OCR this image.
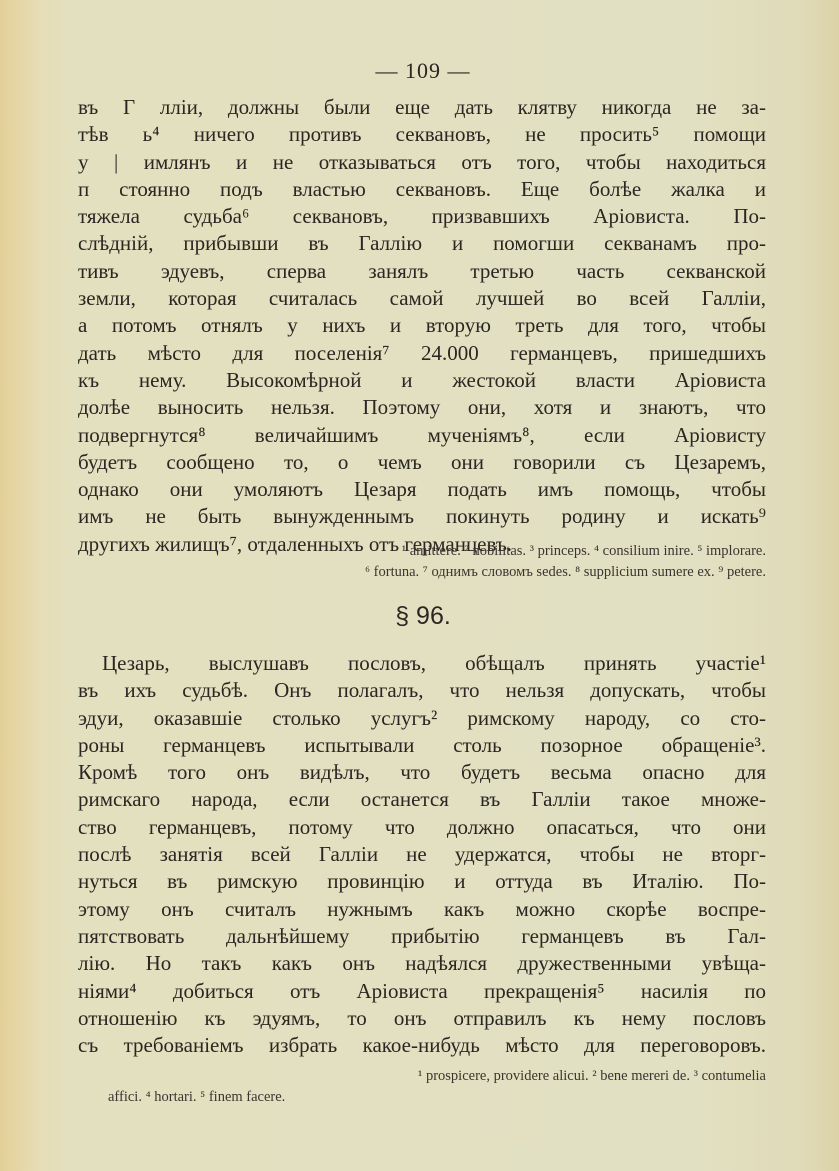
— 109 —
въ Г лліи, должны были еще дать клятву никогда не за-
тѣв ь⁴ ничего противъ секвановъ, не просить⁵ помощи
у | имлянъ и не отказываться отъ того, чтобы находиться
п стоянно подъ властью секвановъ. Еще болѣе жалка и
тяжела судьба⁶ секвановъ, призвавшихъ Аріовиста. По-
слѣдній, прибывши въ Галлію и помогши секванамъ про-
тивъ эдуевъ, сперва занялъ третью часть секванской
земли, которая считалась самой лучшей во всей Галліи,
а потомъ отнялъ у нихъ и вторую треть для того, чтобы
дать мѣсто для поселенія⁷ 24.000 германцевъ, пришедшихъ
къ нему. Высокомѣрной и жестокой власти Аріовиста
долѣе выносить нельзя. Поэтому они, хотя и знаютъ, что
подвергнутся⁸ величайшимъ мученіямъ⁸, если Аріовисту
будетъ сообщено то, о чемъ они говорили съ Цезаремъ,
однако они умоляютъ Цезаря подать имъ помощь, чтобы
имъ не быть вынужденнымъ покинуть родину и искать⁹
другихъ жилищъ⁷, отдаленныхъ отъ германцевъ.
¹ amittere. ² nobilitas. ³ princeps. ⁴ consilium inire. ⁵ implorare.
⁶ fortuna. ⁷ однимъ словомъ sedes. ⁸ supplicium sumere ex. ⁹ petere.
§ 96.
Цезарь, выслушавъ пословъ, обѣщалъ принять участіе¹
въ ихъ судьбѣ. Онъ полагалъ, что нельзя допускать, чтобы
эдуи, оказавшіе столько услугъ² римскому народу, со сто-
роны германцевъ испытывали столь позорное обращеніе³.
Кромѣ того онъ видѣлъ, что будетъ весьма опасно для
римскаго народа, если останется въ Галліи такое множе-
ство германцевъ, потому что должно опасаться, что они
послѣ занятія всей Галліи не удержатся, чтобы не вторг-
нуться въ римскую провинцію и оттуда въ Италію. По-
этому онъ считалъ нужнымъ какъ можно скорѣе воспре-
пятствовать дальнѣйшему прибытію германцевъ въ Гал-
лію. Но такъ какъ онъ надѣялся дружественными увѣща-
ніями⁴ добиться отъ Аріовиста прекращенія⁵ насилія по
отношенію къ эдуямъ, то онъ отправилъ къ нему пословъ
съ требованіемъ избрать какое-нибудь мѣсто для переговоровъ.
¹ prospicere, providere alicui. ² bene mereri de. ³ contumelia
affici. ⁴ hortari. ⁵ finem facere.
